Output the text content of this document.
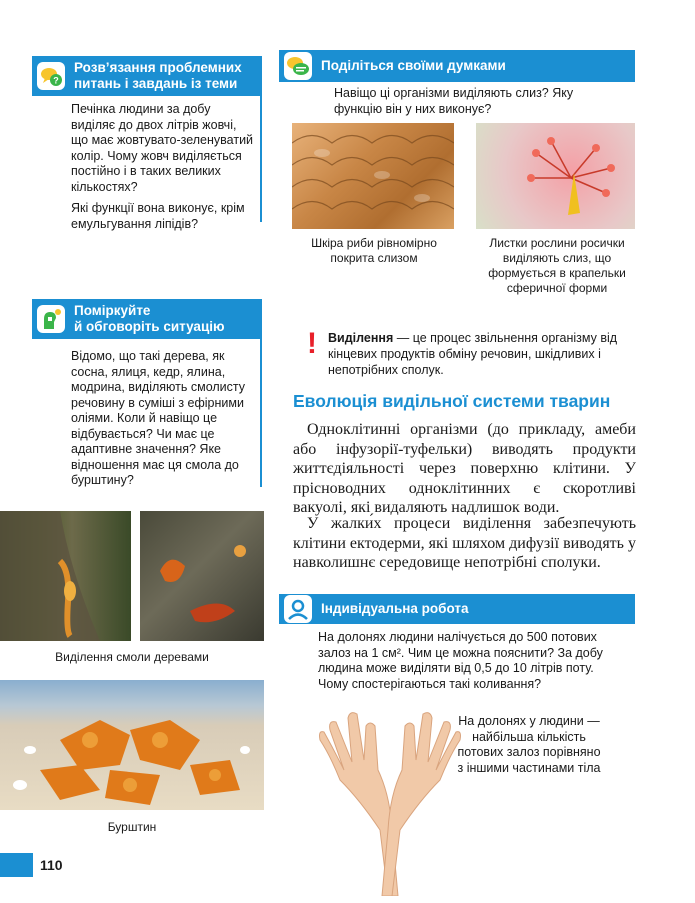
?
Розв’язання проблемних
питань і завдань із теми

Печінка людини за добу виділяє до двох літрів жовчі, що має жовтувато-зеленуватий колір. Чому жовч виділяється постійно і в таких великих кількостях?

Які функції вона виконує, крім емульгування ліпідів?

Поділіться своїми думками
Навіщо ці організми виділяють слиз? Яку функцію він у них виконує?
Шкіра риби рівномірно покрита слизом
Листки рослини росички виділяють слиз, що формується в крапельки сферичної форми
Поміркуйте
й обговоріть ситуацію
Відомо, що такі дерева, як сосна, ялиця, кедр, ялина, модрина, виділяють смолисту речовину в суміші з ефірними оліями. Коли й навіщо це відбувається? Чи має це адаптивне значення? Яке відношення має ця смола до бурштину?
Виділення смоли деревами
Бурштин
! Виділення — це процес звільнення організму від кінцевих продуктів обміну речовин, шкідливих і непотрібних сполук.
Еволюція видільної системи тварин
Одноклітинні організми (до прикладу, амеби або інфузорії-туфельки) виводять продукти життєдіяльності через поверхню клітини. У прісноводних одноклітинних є скоротливі вакуолі, які видаляють надлишок води.
У жалки́х процеси виділення забезпечують клітини ектодерми, які шляхом дифузії виводять у навколишнє середовище непотрібні сполуки.
Індивідуальна робота
На долонях людини налічується до 500 потових залоз на 1 см². Чим це можна пояснити? За добу людина може виділяти від 0,5 до 10 літрів поту. Чому спостерігаються такі коливання?
На долонях у людини — найбільша кількість потових залоз порівняно з іншими частинами тіла
110
